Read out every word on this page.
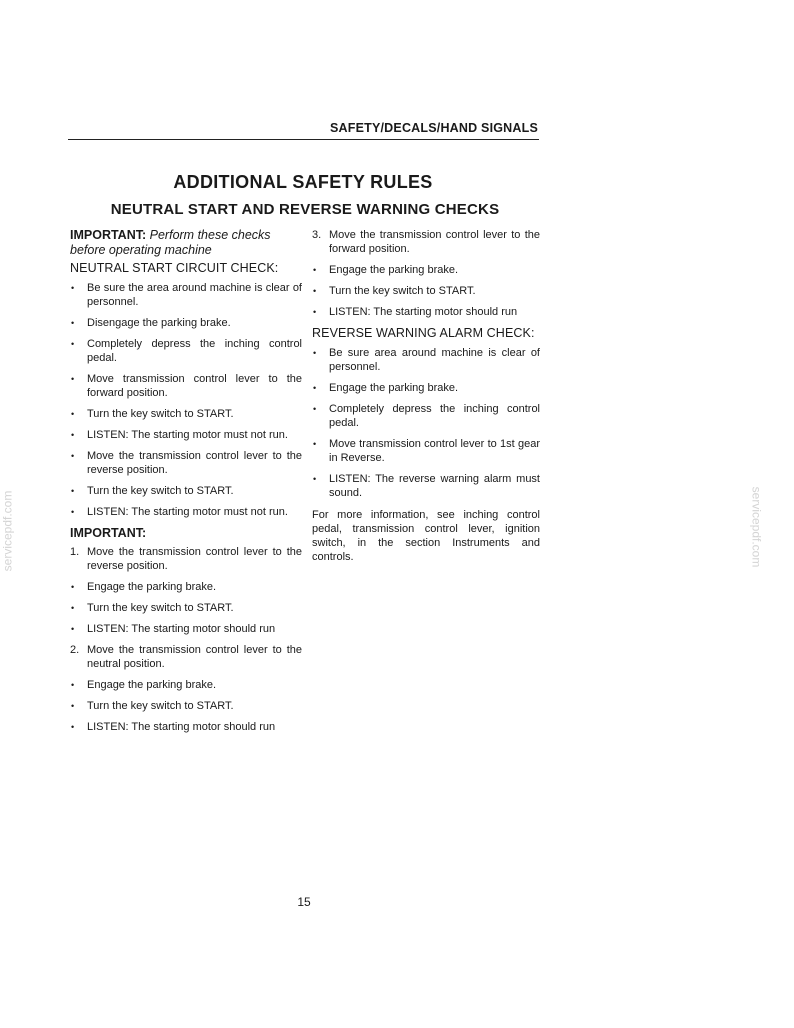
SAFETY/DECALS/HAND SIGNALS
ADDITIONAL SAFETY RULES
NEUTRAL START AND REVERSE WARNING CHECKS
IMPORTANT: Perform these checks before operating machine
NEUTRAL START CIRCUIT CHECK:
• Be sure the area around machine is clear of personnel.
• Disengage the parking brake.
• Completely depress the inching control pedal.
• Move transmission control lever to the forward position.
• Turn the key switch to START.
• LISTEN: The starting motor must not run.
• Move the transmission control lever to the reverse position.
• Turn the key switch to START.
• LISTEN: The starting motor must not run.
IMPORTANT:
1. Move the transmission control lever to the reverse position.
• Engage the parking brake.
• Turn the key switch to START.
• LISTEN: The starting motor should run
2. Move the transmission control lever to the neutral position.
• Engage the parking brake.
• Turn the key switch to START.
• LISTEN: The starting motor should run
3. Move the transmission control lever to the forward position.
• Engage the parking brake.
• Turn the key switch to START.
• LISTEN: The starting motor should run
REVERSE WARNING ALARM CHECK:
• Be sure area around machine is clear of personnel.
• Engage the parking brake.
• Completely depress the inching control pedal.
• Move transmission control lever to 1st gear in Reverse.
• LISTEN: The reverse warning alarm must sound.
For more information, see inching control pedal, transmission control lever, ignition switch, in the section Instruments and controls.
15
servicepdf.com	servicepdf.com
